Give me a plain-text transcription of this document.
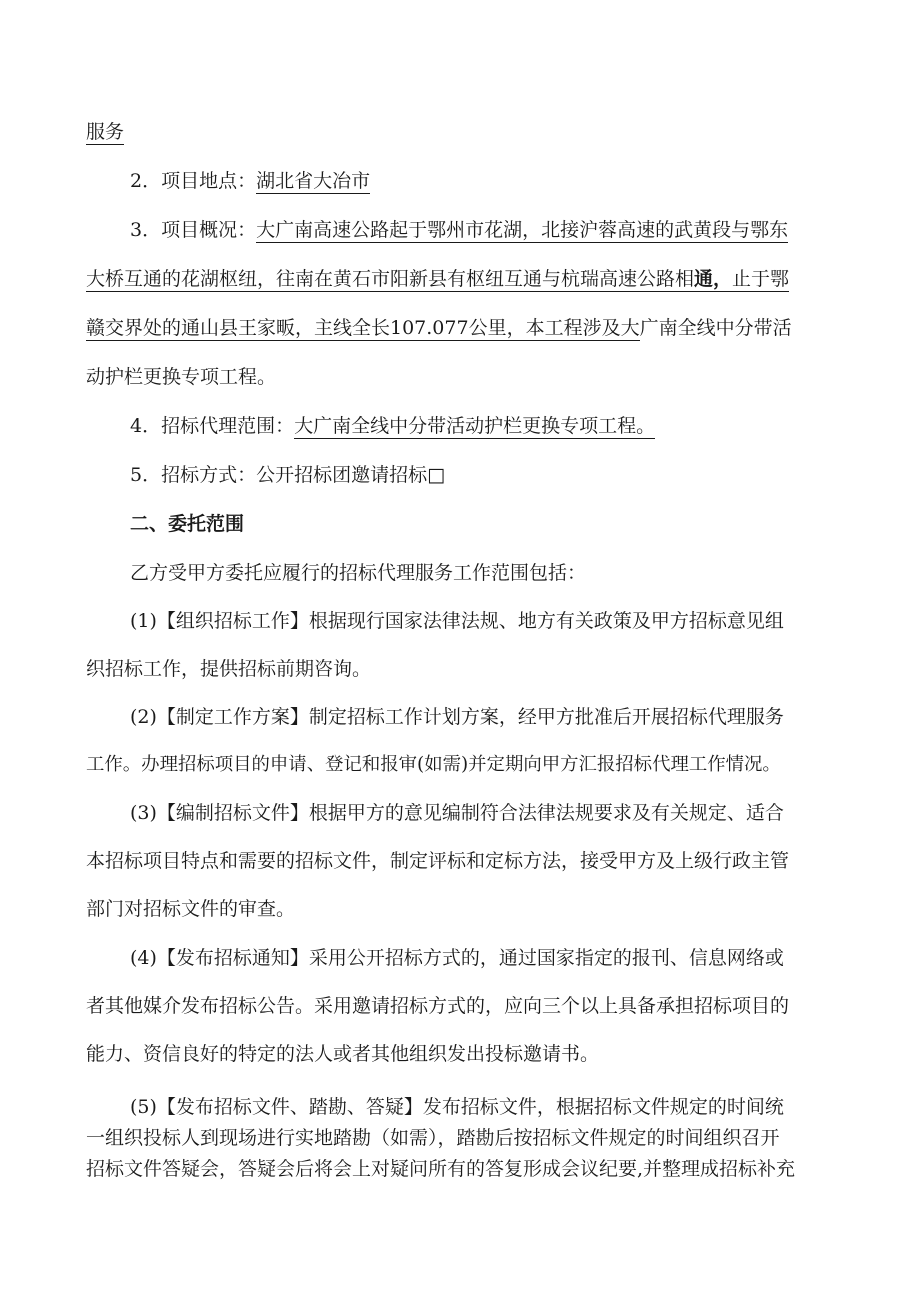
服务

2．项目地点：湖北省大冶市

3．项目概况：大广南高速公路起于鄂州市花湖，北接沪蓉高速的武黄段与鄂东

大桥互通的花湖枢纽，往南在黄石市阳新县有枢纽互通与杭瑞高速公路相通，止于鄂

赣交界处的通山县王家畈，主线全长107.077公里，本工程涉及大广南全线中分带活

动护栏更换专项工程。

4．招标代理范围：大广南全线中分带活动护栏更换专项工程。

5．招标方式：公开招标团邀请招标□

二、委托范围

乙方受甲方委托应履行的招标代理服务工作范围包括：

(1)【组织招标工作】根据现行国家法律法规、地方有关政策及甲方招标意见组

织招标工作，提供招标前期咨询。

(2)【制定工作方案】制定招标工作计划方案，经甲方批准后开展招标代理服务

工作。办理招标项目的申请、登记和报审(如需)并定期向甲方汇报招标代理工作情况。

(3)【编制招标文件】根据甲方的意见编制符合法律法规要求及有关规定、适合

本招标项目特点和需要的招标文件，制定评标和定标方法，接受甲方及上级行政主管

部门对招标文件的审查。

(4)【发布招标通知】采用公开招标方式的，通过国家指定的报刊、信息网络或

者其他媒介发布招标公告。采用邀请招标方式的，应向三个以上具备承担招标项目的

能力、资信良好的特定的法人或者其他组织发出投标邀请书。

(5)【发布招标文件、踏勘、答疑】发布招标文件，根据招标文件规定的时间统

一组织投标人到现场进行实地踏勘（如需），踏勘后按招标文件规定的时间组织召开

招标文件答疑会，答疑会后将会上对疑问所有的答复形成会议纪要,并整理成招标补充
